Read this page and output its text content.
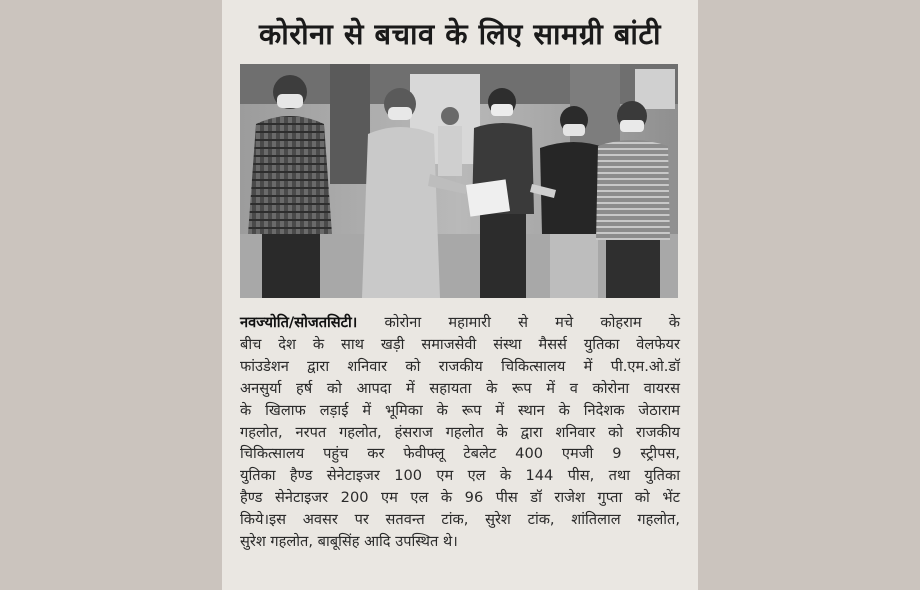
कोरोना से बचाव के लिए सामग्री बांटी
नवज्योति/सोजतसिटी। कोरोना महामारी से मचे कोहराम के
बीच देश के साथ खड़ी समाजसेवी संस्था मैसर्स युतिका वेलफेयर
फांउडेशन द्वारा शनिवार को राजकीय चिकित्सालय में पी.एम.ओ.डॉ
अनसुर्या हर्ष को आपदा में सहायता के रूप में व कोरोना वायरस
के खिलाफ लड़ाई में भूमिका के रूप में स्थान के निदेशक जेठाराम
गहलोत, नरपत गहलोत, हंसराज गहलोत के द्वारा शनिवार को राजकीय
चिकित्सालय पहुंच कर फेवीफ्लू टेबलेट 400 एमजी 9 स्ट्रीपस,
युतिका हैण्ड सेनेटाइजर 100 एम एल के 144 पीस, तथा युतिका
हैण्ड सेनेटाइजर 200 एम एल के 96 पीस डॉ राजेश गुप्ता को भेंट
किये।इस अवसर पर सतवन्त टांक, सुरेश टांक, शांतिलाल गहलोत,
सुरेश गहलोत, बाबूसिंह आदि उपस्थित थे।
